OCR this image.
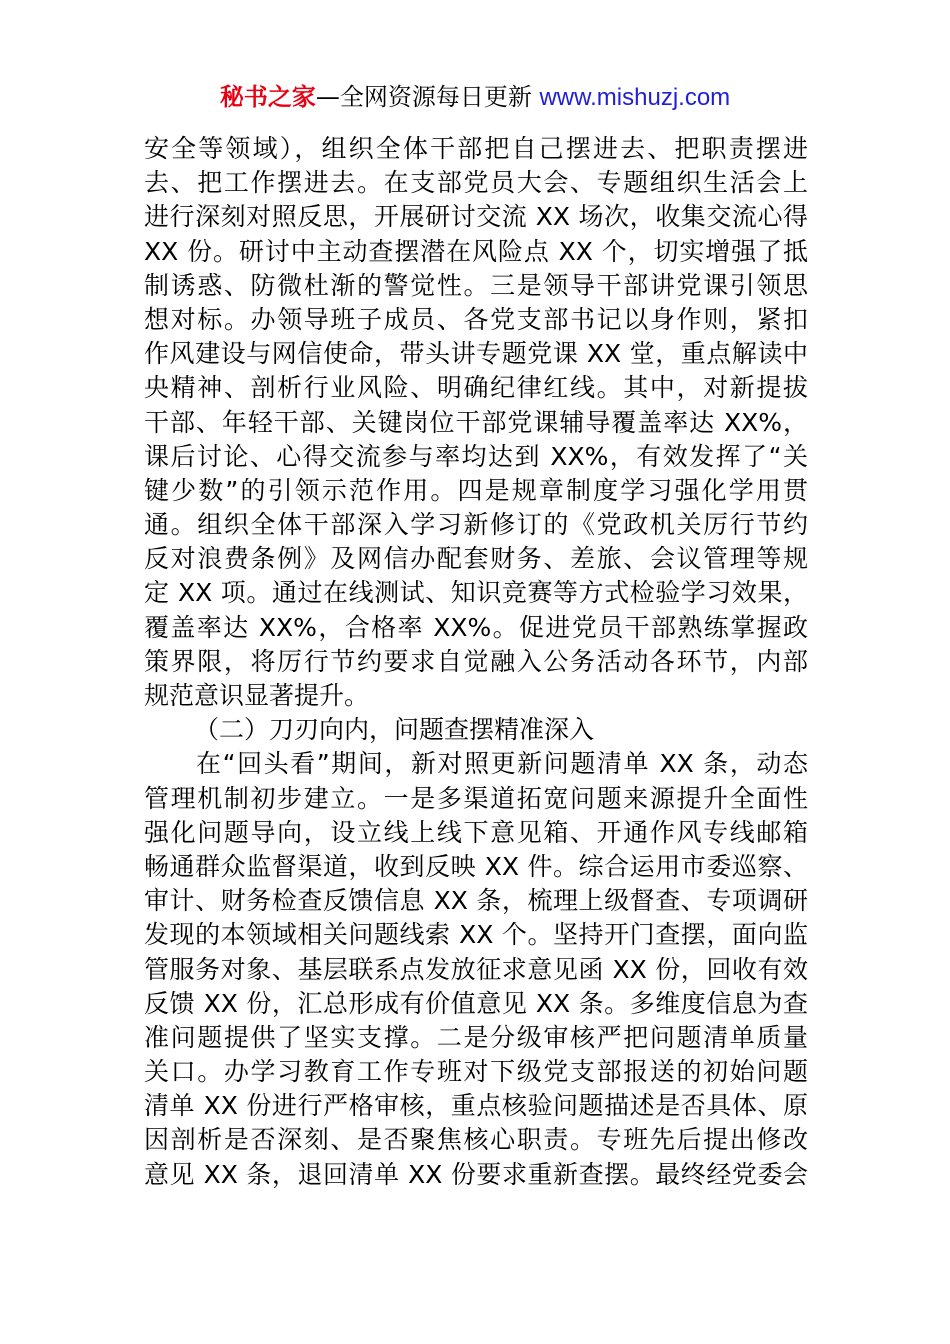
秘书之家—全网资源每日更新 www.mishuzj.com
安全等领域），组织全体干部把自己摆进去、把职责摆进
去、把工作摆进去。在支部党员大会、专题组织生活会上
进行深刻对照反思，开展研讨交流 XX 场次，收集交流心得
XX 份。研讨中主动查摆潜在风险点 XX 个，切实增强了抵
制诱惑、防微杜渐的警觉性。三是领导干部讲党课引领思
想对标。办领导班子成员、各党支部书记以身作则，紧扣
作风建设与网信使命，带头讲专题党课 XX 堂，重点解读中
央精神、剖析行业风险、明确纪律红线。其中，对新提拔
干部、年轻干部、关键岗位干部党课辅导覆盖率达 XX%，
课后讨论、心得交流参与率均达到 XX%，有效发挥了“关
键少数”的引领示范作用。四是规章制度学习强化学用贯
通。组织全体干部深入学习新修订的《党政机关厉行节约
反对浪费条例》及网信办配套财务、差旅、会议管理等规
定 XX 项。通过在线测试、知识竞赛等方式检验学习效果，
覆盖率达 XX%，合格率 XX%。促进党员干部熟练掌握政
策界限，将厉行节约要求自觉融入公务活动各环节，内部
规范意识显著提升。
（二）刀刃向内，问题查摆精准深入
在“回头看”期间，新对照更新问题清单 XX 条，动态
管理机制初步建立。一是多渠道拓宽问题来源提升全面性
强化问题导向，设立线上线下意见箱、开通作风专线邮箱
畅通群众监督渠道，收到反映 XX 件。综合运用市委巡察、
审计、财务检查反馈信息 XX 条，梳理上级督查、专项调研
发现的本领域相关问题线索 XX 个。坚持开门查摆，面向监
管服务对象、基层联系点发放征求意见函 XX 份，回收有效
反馈 XX 份，汇总形成有价值意见 XX 条。多维度信息为查
准问题提供了坚实支撑。二是分级审核严把问题清单质量
关口。办学习教育工作专班对下级党支部报送的初始问题
清单 XX 份进行严格审核，重点核验问题描述是否具体、原
因剖析是否深刻、是否聚焦核心职责。专班先后提出修改
意见 XX 条，退回清单 XX 份要求重新查摆。最终经党委会
